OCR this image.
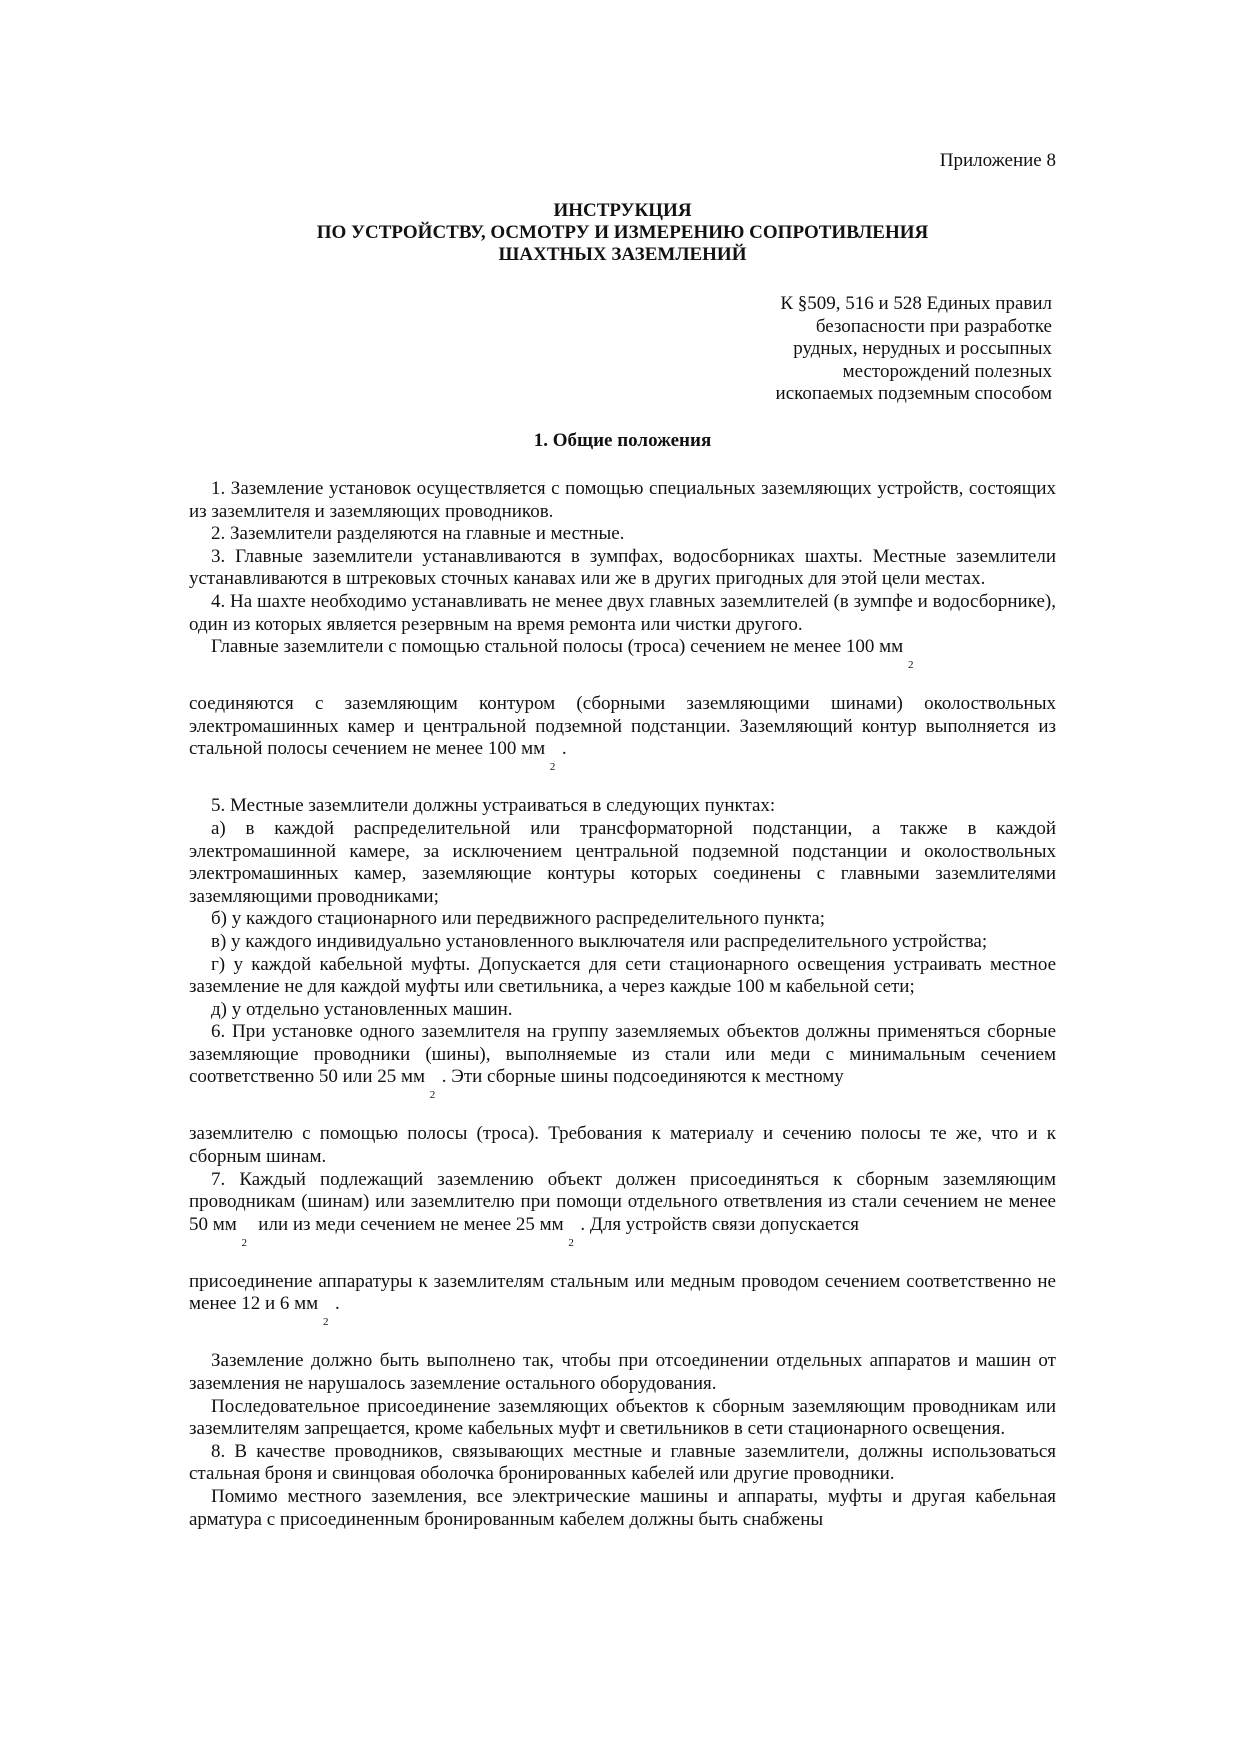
Приложение 8
ИНСТРУКЦИЯ
ПО УСТРОЙСТВУ, ОСМОТРУ И ИЗМЕРЕНИЮ СОПРОТИВЛЕНИЯ
ШАХТНЫХ ЗАЗЕМЛЕНИЙ
К §509, 516 и 528 Единых правил
безопасности при разработке
рудных, нерудных и россыпных
месторождений полезных
ископаемых подземным способом
1. Общие положения

1. Заземление установок осуществляется с помощью специальных заземляющих устройств, состоящих из заземлителя и заземляющих проводников.

2. Заземлители разделяются на главные и местные.

3. Главные заземлители устанавливаются в зумпфах, водосборниках шахты. Местные заземлители устанавливаются в штрековых сточных канавах или же в других пригодных для этой цели местах.

4. На шахте необходимо устанавливать не менее двух главных заземлителей (в зумпфе и водосборнике), один из которых является резервным на время ремонта или чистки другого.

Главные заземлители с помощью стальной полосы (троса) сечением не менее 100 мм 2

соединяются с заземляющим контуром (сборными заземляющими шинами) околоствольных электромашинных камер и центральной подземной подстанции. Заземляющий контур выполняется из стальной полосы сечением не менее 100 мм 2.

5. Местные заземлители должны устраиваться в следующих пунктах:

а) в каждой распределительной или трансформаторной подстанции, а также в каждой электромашинной камере, за исключением центральной подземной подстанции и околоствольных электромашинных камер, заземляющие контуры которых соединены с главными заземлителями заземляющими проводниками;

б) у каждого стационарного или передвижного распределительного пункта;

в) у каждого индивидуально установленного выключателя или распределительного устройства;

г) у каждой кабельной муфты. Допускается для сети стационарного освещения устраивать местное заземление не для каждой муфты или светильника, а через каждые 100 м кабельной сети;

д) у отдельно установленных машин.

6. При установке одного заземлителя на группу заземляемых объектов должны применяться сборные заземляющие проводники (шины), выполняемые из стали или меди с минимальным сечением соответственно 50 или 25 мм 2. Эти сборные шины подсоединяются к местному

заземлителю с помощью полосы (троса). Требования к материалу и сечению полосы те же, что и к сборным шинам.

7. Каждый подлежащий заземлению объект должен присоединяться к сборным заземляющим проводникам (шинам) или заземлителю при помощи отдельного ответвления из стали сечением не менее 50 мм 2 или из меди сечением не менее 25 мм 2. Для устройств связи допускается

присоединение аппаратуры к заземлителям стальным или медным проводом сечением соответственно не менее 12 и 6 мм 2.

Заземление должно быть выполнено так, чтобы при отсоединении отдельных аппаратов и машин от заземления не нарушалось заземление остального оборудования.

Последовательное присоединение заземляющих объектов к сборным заземляющим проводникам или заземлителям запрещается, кроме кабельных муфт и светильников в сети стационарного освещения.

8. В качестве проводников, связывающих местные и главные заземлители, должны использоваться стальная броня и свинцовая оболочка бронированных кабелей или другие проводники.

Помимо местного заземления, все электрические машины и аппараты, муфты и другая кабельная арматура с присоединенным бронированным кабелем должны быть снабжены
